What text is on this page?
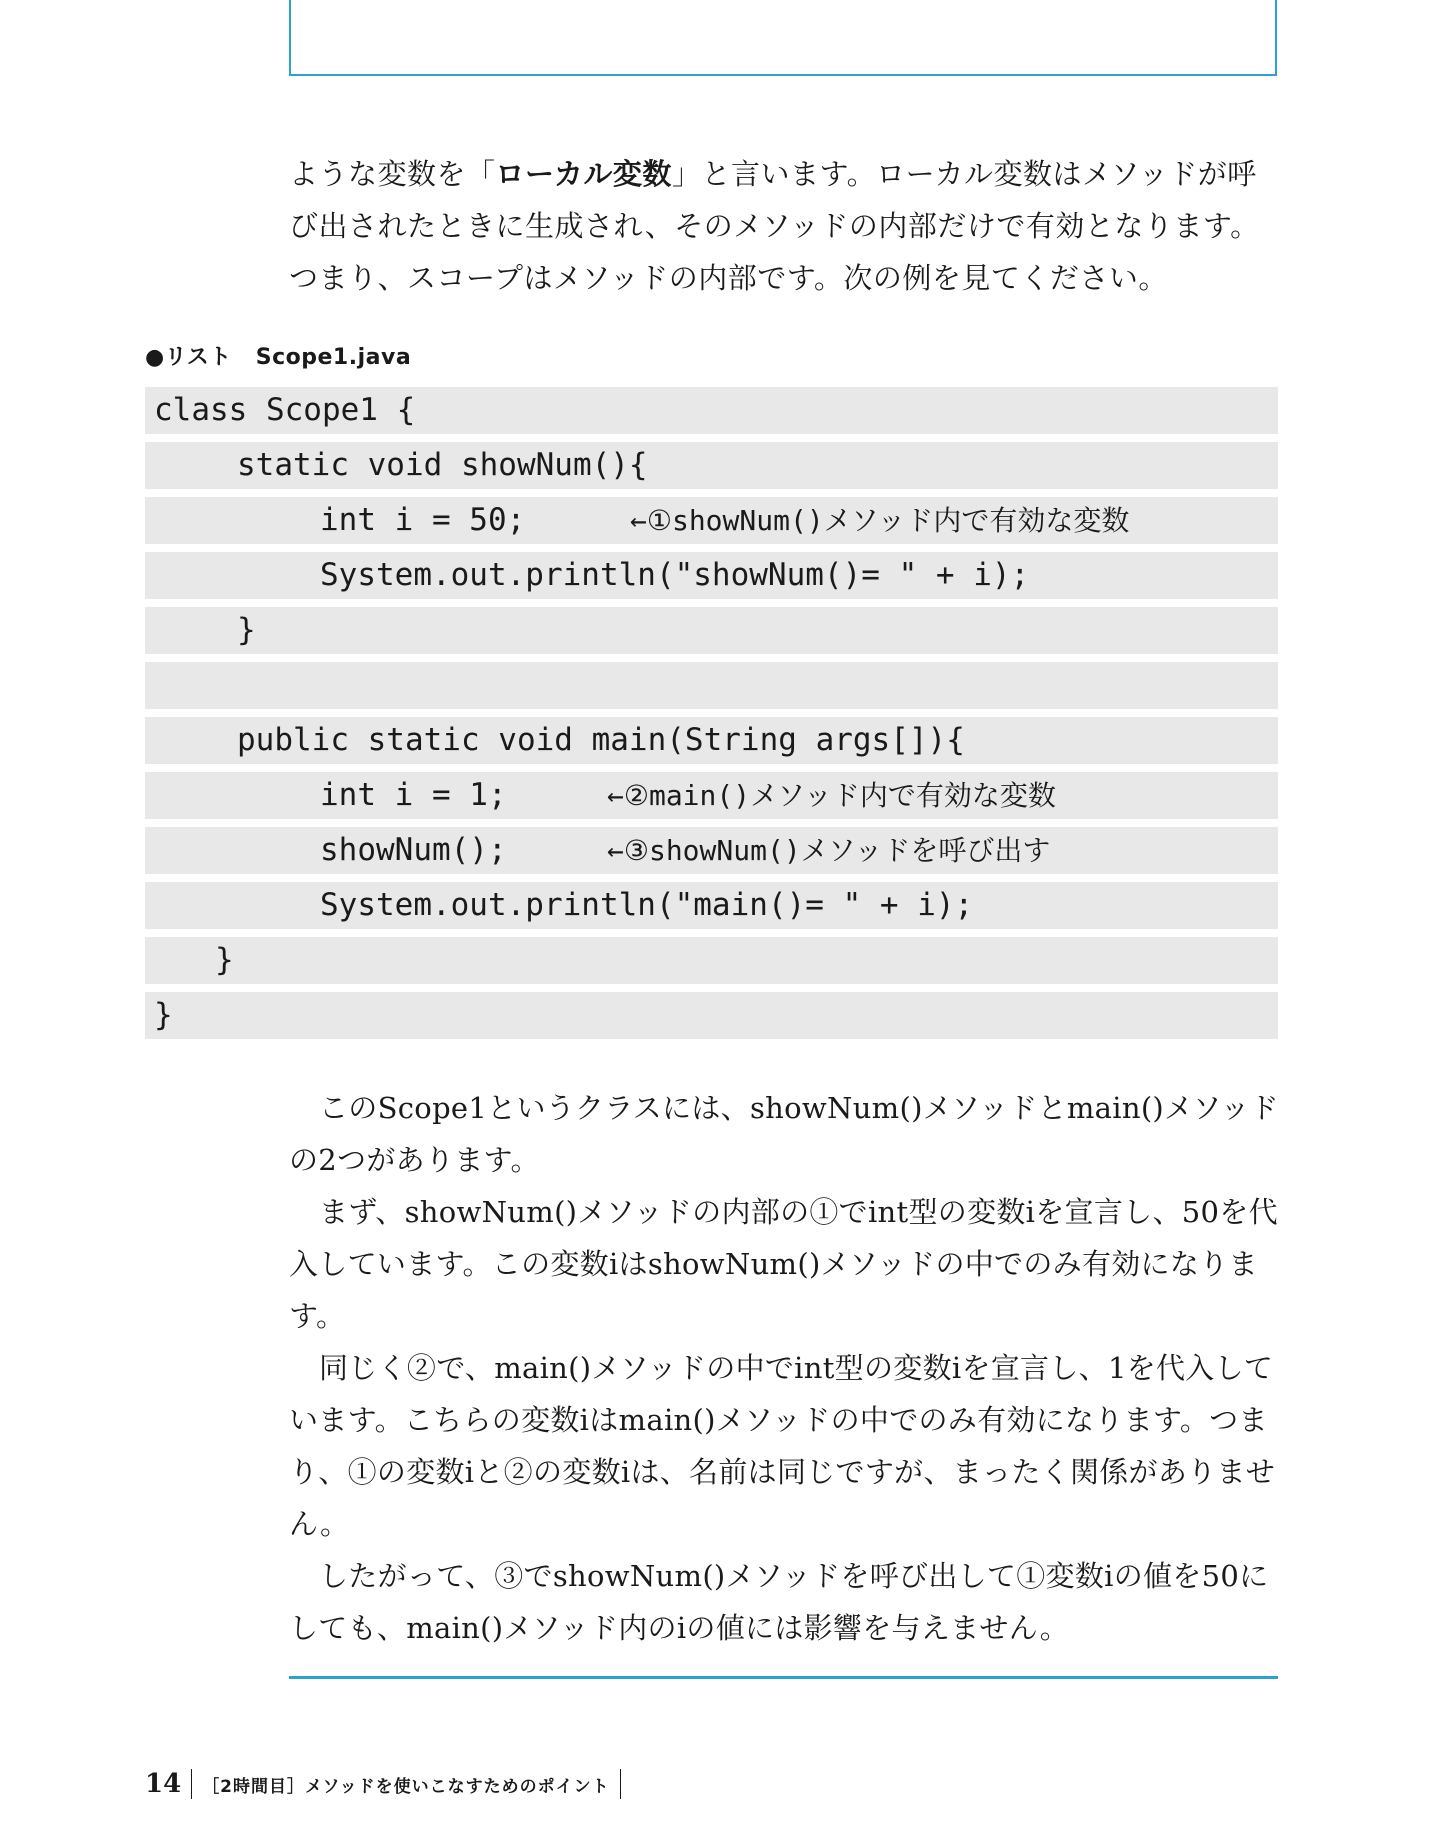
ような変数を「ローカル変数」と言います。ローカル変数はメソッドが呼

び出されたときに生成され、そのメソッドの内部だけで有効となります。

つまり、スコープはメソッドの内部です。次の例を見てください。

●リスト Scope1.java
class Scope1 {
static void showNum(){
int i = 50;	←①showNum()メソッド内で有効な変数
System.out.println("showNum()= " + i);
}
public static void main(String args[]){
int i = 1;	←②main()メソッド内で有効な変数
showNum();	←③showNum()メソッドを呼び出す
System.out.println("main()= " + i);
}
}

このScope1というクラスには、showNum()メソッドとmain()メソッドの2つがあります。

まず、showNum()メソッドの内部の①でint型の変数iを宣言し、50を代入しています。この変数iはshowNum()メソッドの中でのみ有効になります。

同じく②で、main()メソッドの中でint型の変数iを宣言し、1を代入しています。こちらの変数iはmain()メソッドの中でのみ有効になります。つまり、①の変数iと②の変数iは、名前は同じですが、まったく関係がありません。

したがって、③でshowNum()メソッドを呼び出して①変数iの値を50にしても、main()メソッド内のiの値には影響を与えません。

14 ［2時間目］メソッドを使いこなすためのポイント
